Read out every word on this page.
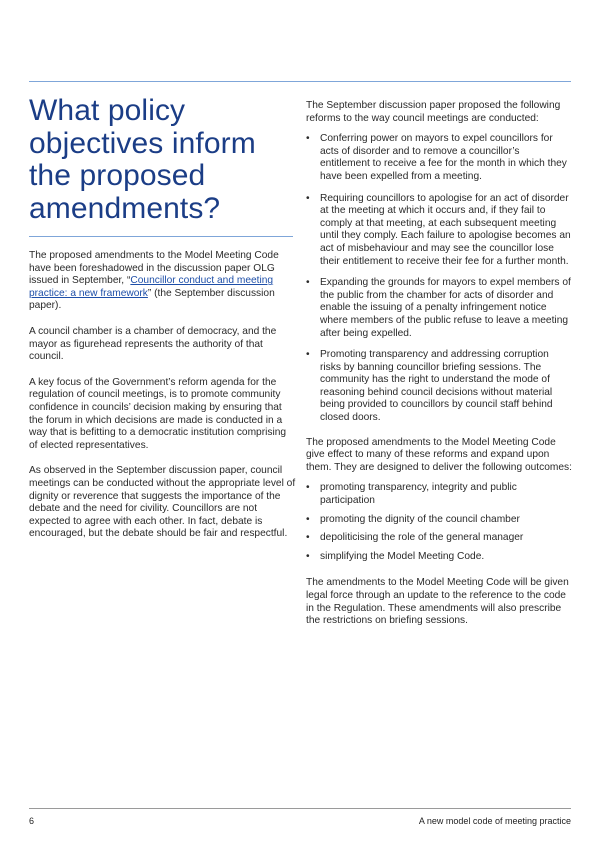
What policy objectives inform the proposed amendments?

The proposed amendments to the Model Meeting Code have been foreshadowed in the discussion paper OLG issued in September, “Councillor conduct and meeting practice: a new framework” (the September discussion paper).

A council chamber is a chamber of democracy, and the mayor as figurehead represents the authority of that council.

A key focus of the Government’s reform agenda for the regulation of council meetings, is to promote community confidence in councils’ decision making by ensuring that the forum in which decisions are made is conducted in a way that is befitting to a democratic institution comprising of elected representatives.

As observed in the September discussion paper, council meetings can be conducted without the appropriate level of dignity or reverence that suggests the importance of the debate and the need for civility. Councillors are not expected to agree with each other. In fact, debate is encouraged, but the debate should be fair and respectful.

The September discussion paper proposed the following reforms to the way council meetings are conducted:

• Conferring power on mayors to expel councillors for acts of disorder and to remove a councillor’s entitlement to receive a fee for the month in which they have been expelled from a meeting.
• Requiring councillors to apologise for an act of disorder at the meeting at which it occurs and, if they fail to comply at that meeting, at each subsequent meeting until they comply. Each failure to apologise becomes an act of misbehaviour and may see the councillor lose their entitlement to receive their fee for a further month.
• Expanding the grounds for mayors to expel members of the public from the chamber for acts of disorder and enable the issuing of a penalty infringement notice where members of the public refuse to leave a meeting after being expelled.
• Promoting transparency and addressing corruption risks by banning councillor briefing sessions. The community has the right to understand the mode of reasoning behind council decisions without material being provided to councillors by council staff behind closed doors.

The proposed amendments to the Model Meeting Code give effect to many of these reforms and expand upon them. They are designed to deliver the following outcomes:

• promoting transparency, integrity and public participation
• promoting the dignity of the council chamber
• depoliticising the role of the general manager
• simplifying the Model Meeting Code.

The amendments to the Model Meeting Code will be given legal force through an update to the reference to the code in the Regulation. These amendments will also prescribe the restrictions on briefing sessions.

6	A new model code of meeting practice
